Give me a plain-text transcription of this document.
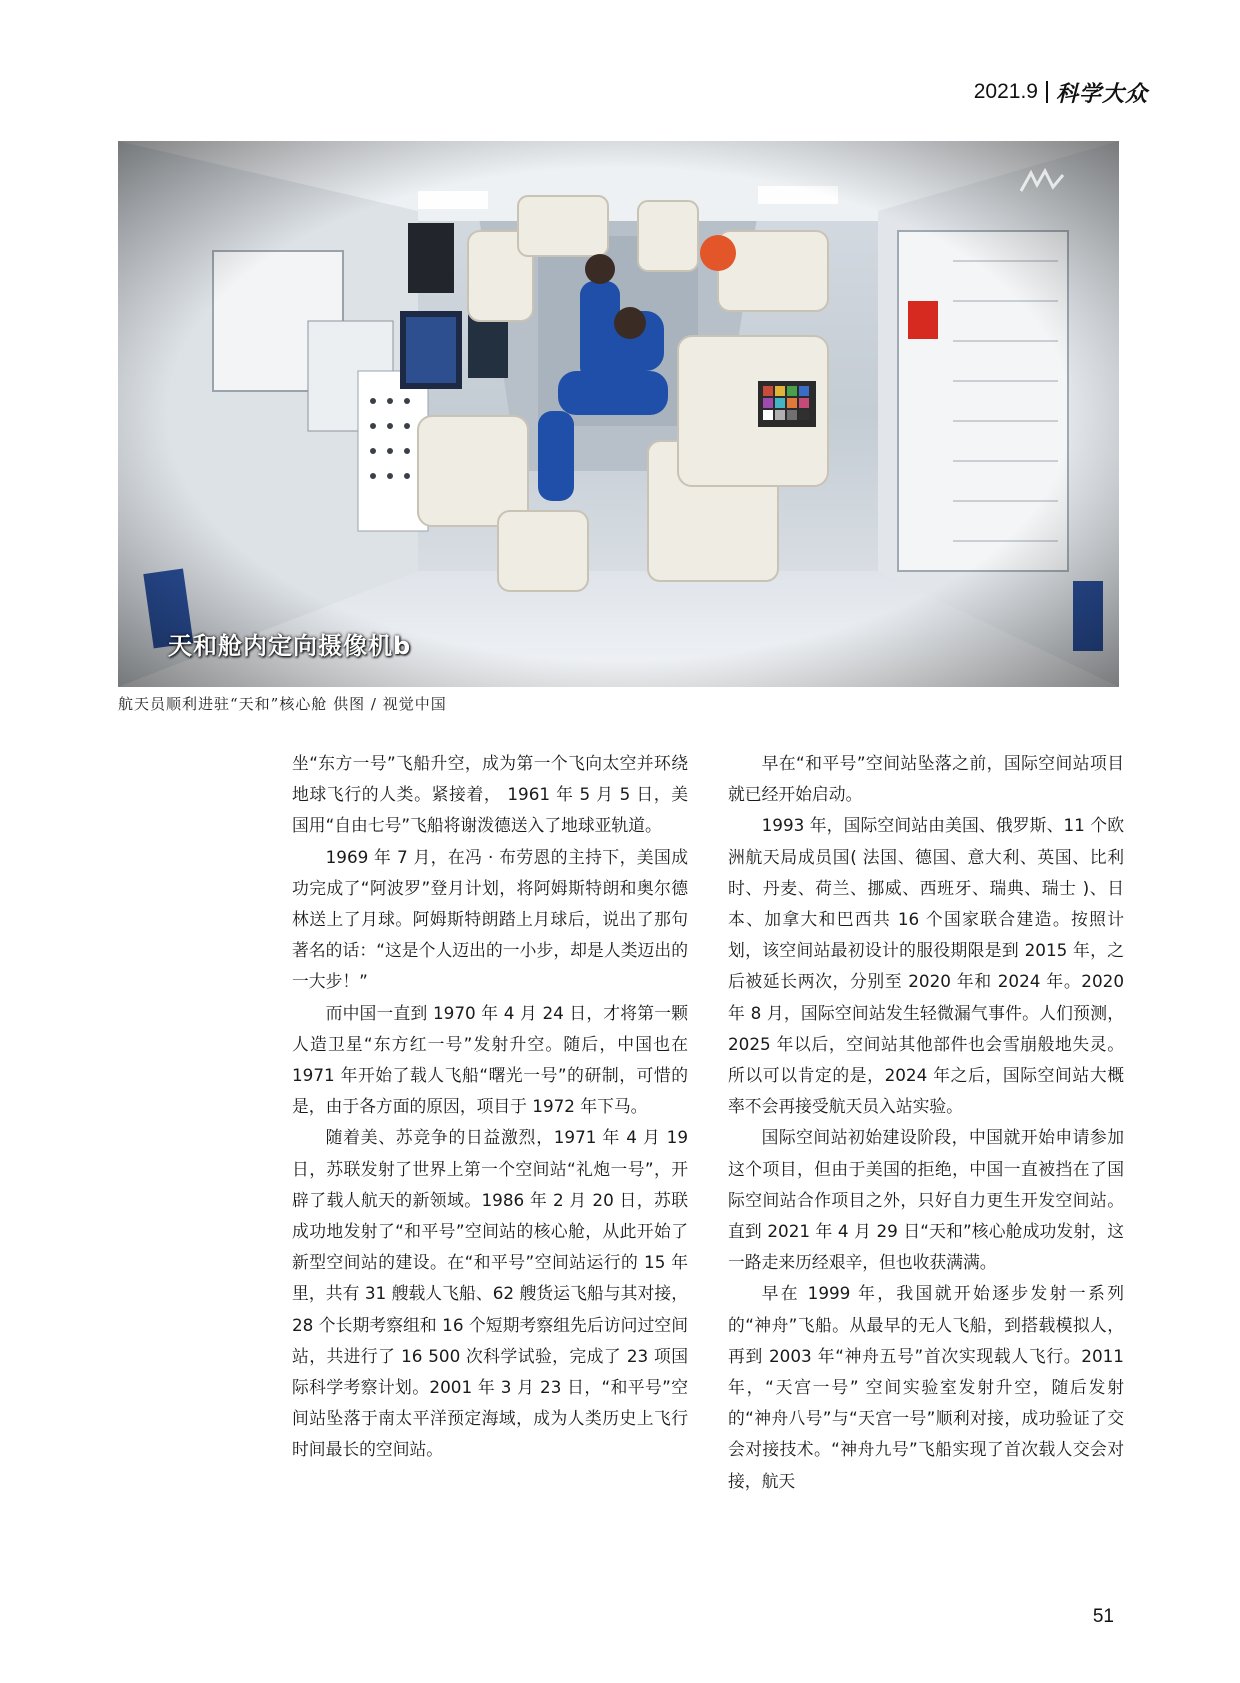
2021.9 科学大众
天和舱内定向摄像机b
航天员顺利进驻“天和”核心舱 供图 / 视觉中国

坐“东方一号”飞船升空，成为第一个飞向太空并环绕地球飞行的人类。紧接着， 1961 年 5 月 5 日，美国用“自由七号”飞船将谢泼德送入了地球亚轨道。

1969 年 7 月，在冯 · 布劳恩的主持下，美国成功完成了“阿波罗”登月计划，将阿姆斯特朗和奥尔德林送上了月球。阿姆斯特朗踏上月球后，说出了那句著名的话：“这是个人迈出的一小步，却是人类迈出的一大步！”

而中国一直到 1970 年 4 月 24 日，才将第一颗人造卫星“东方红一号”发射升空。随后，中国也在 1971 年开始了载人飞船“曙光一号”的研制，可惜的是，由于各方面的原因，项目于 1972 年下马。

随着美、苏竞争的日益激烈，1971 年 4 月 19 日，苏联发射了世界上第一个空间站“礼炮一号”，开辟了载人航天的新领域。1986 年 2 月 20 日，苏联成功地发射了“和平号”空间站的核心舱，从此开始了新型空间站的建设。在“和平号”空间站运行的 15 年里，共有 31 艘载人飞船、62 艘货运飞船与其对接，28 个长期考察组和 16 个短期考察组先后访问过空间站，共进行了 16 500 次科学试验，完成了 23 项国际科学考察计划。2001 年 3 月 23 日，“和平号”空间站坠落于南太平洋预定海域，成为人类历史上飞行时间最长的空间站。

早在“和平号”空间站坠落之前，国际空间站项目就已经开始启动。

1993 年，国际空间站由美国、俄罗斯、11 个欧洲航天局成员国( 法国、德国、意大利、英国、比利时、丹麦、荷兰、挪威、西班牙、瑞典、瑞士 )、日本、加拿大和巴西共 16 个国家联合建造。按照计划，该空间站最初设计的服役期限是到 2015 年，之后被延长两次，分别至 2020 年和 2024 年。2020 年 8 月，国际空间站发生轻微漏气事件。人们预测，2025 年以后，空间站其他部件也会雪崩般地失灵。所以可以肯定的是，2024 年之后，国际空间站大概率不会再接受航天员入站实验。

国际空间站初始建设阶段，中国就开始申请参加这个项目，但由于美国的拒绝，中国一直被挡在了国际空间站合作项目之外，只好自力更生开发空间站。直到 2021 年 4 月 29 日“天和”核心舱成功发射，这一路走来历经艰辛，但也收获满满。

早在 1999 年，我国就开始逐步发射一系列的“神舟”飞船。从最早的无人飞船，到搭载模拟人，再到 2003 年“神舟五号”首次实现载人飞行。2011 年，“天宫一号” 空间实验室发射升空，随后发射的“神舟八号”与“天宫一号”顺利对接，成功验证了交会对接技术。“神舟九号”飞船实现了首次载人交会对接，航天

51
